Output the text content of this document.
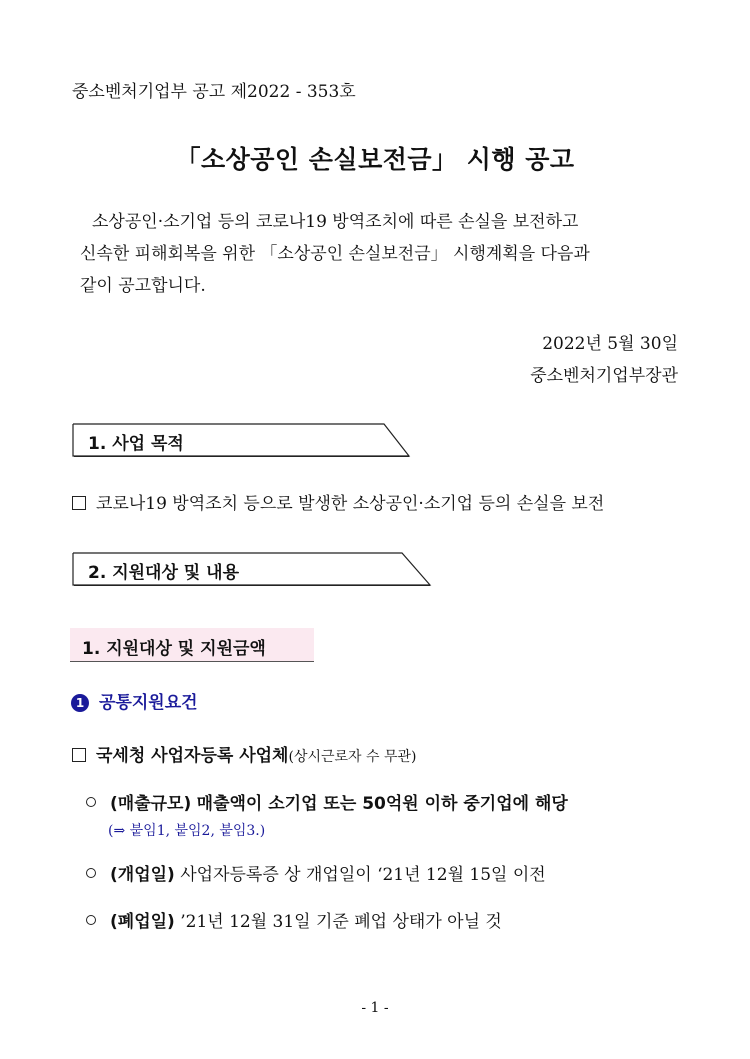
중소벤처기업부 공고 제2022 - 353호
「소상공인 손실보전금」 시행 공고

소상공인·소기업 등의 코로나19 방역조치에 따른 손실을 보전하고

신속한 피해회복을 위한 「소상공인 손실보전금」 시행계획을 다음과

같이 공고합니다.

2022년 5월 30일
중소벤처기업부장관
1. 사업 목적
코로나19 방역조치 등으로 발생한 소상공인·소기업 등의 손실을 보전
2. 지원대상 및 내용
1. 지원대상 및 지원금액
1 공통지원요건
국세청 사업자등록 사업체(상시근로자 수 무관)
(매출규모) 매출액이 소기업 또는 50억원 이하 중기업에 해당
(⇒ 붙임1, 붙임2, 붙임3.)
(개업일) 사업자등록증 상 개업일이 ‘21년 12월 15일 이전
(폐업일) ’21년 12월 31일 기준 폐업 상태가 아닐 것
- 1 -
